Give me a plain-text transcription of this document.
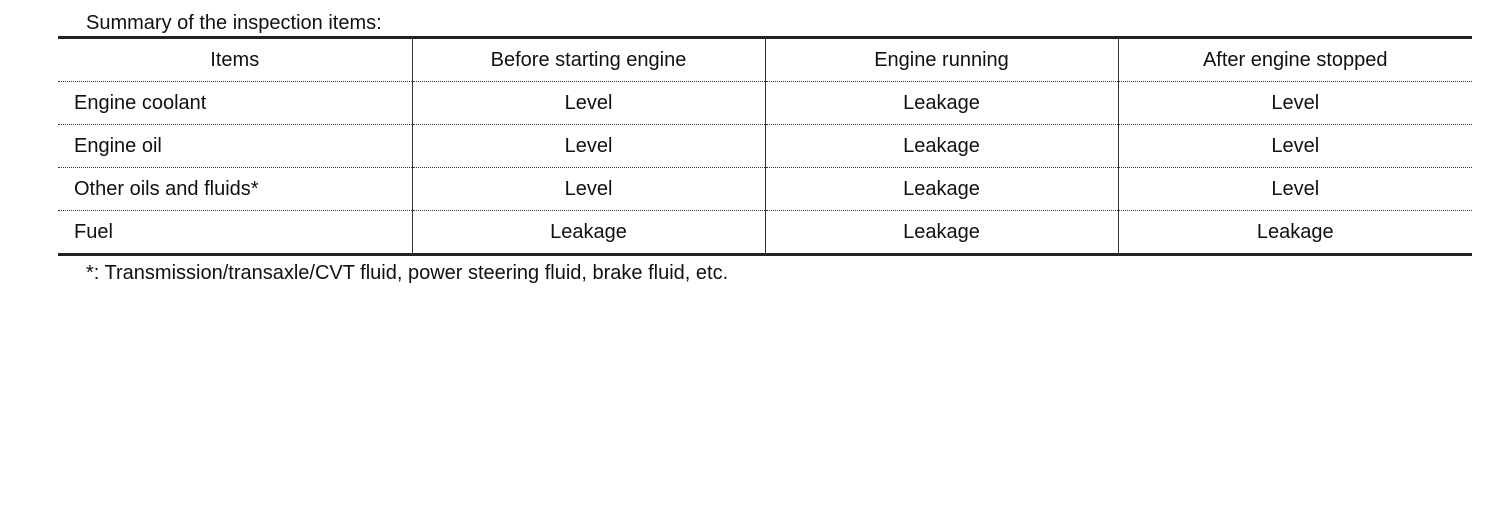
Summary of the inspection items:
Items	Before starting engine	Engine running	After engine stopped
Engine coolant	Level	Leakage	Level
Engine oil	Level	Leakage	Level
Other oils and fluids*	Level	Leakage	Level
Fuel	Leakage	Leakage	Leakage
*: Transmission/transaxle/CVT fluid, power steering fluid, brake fluid, etc.
